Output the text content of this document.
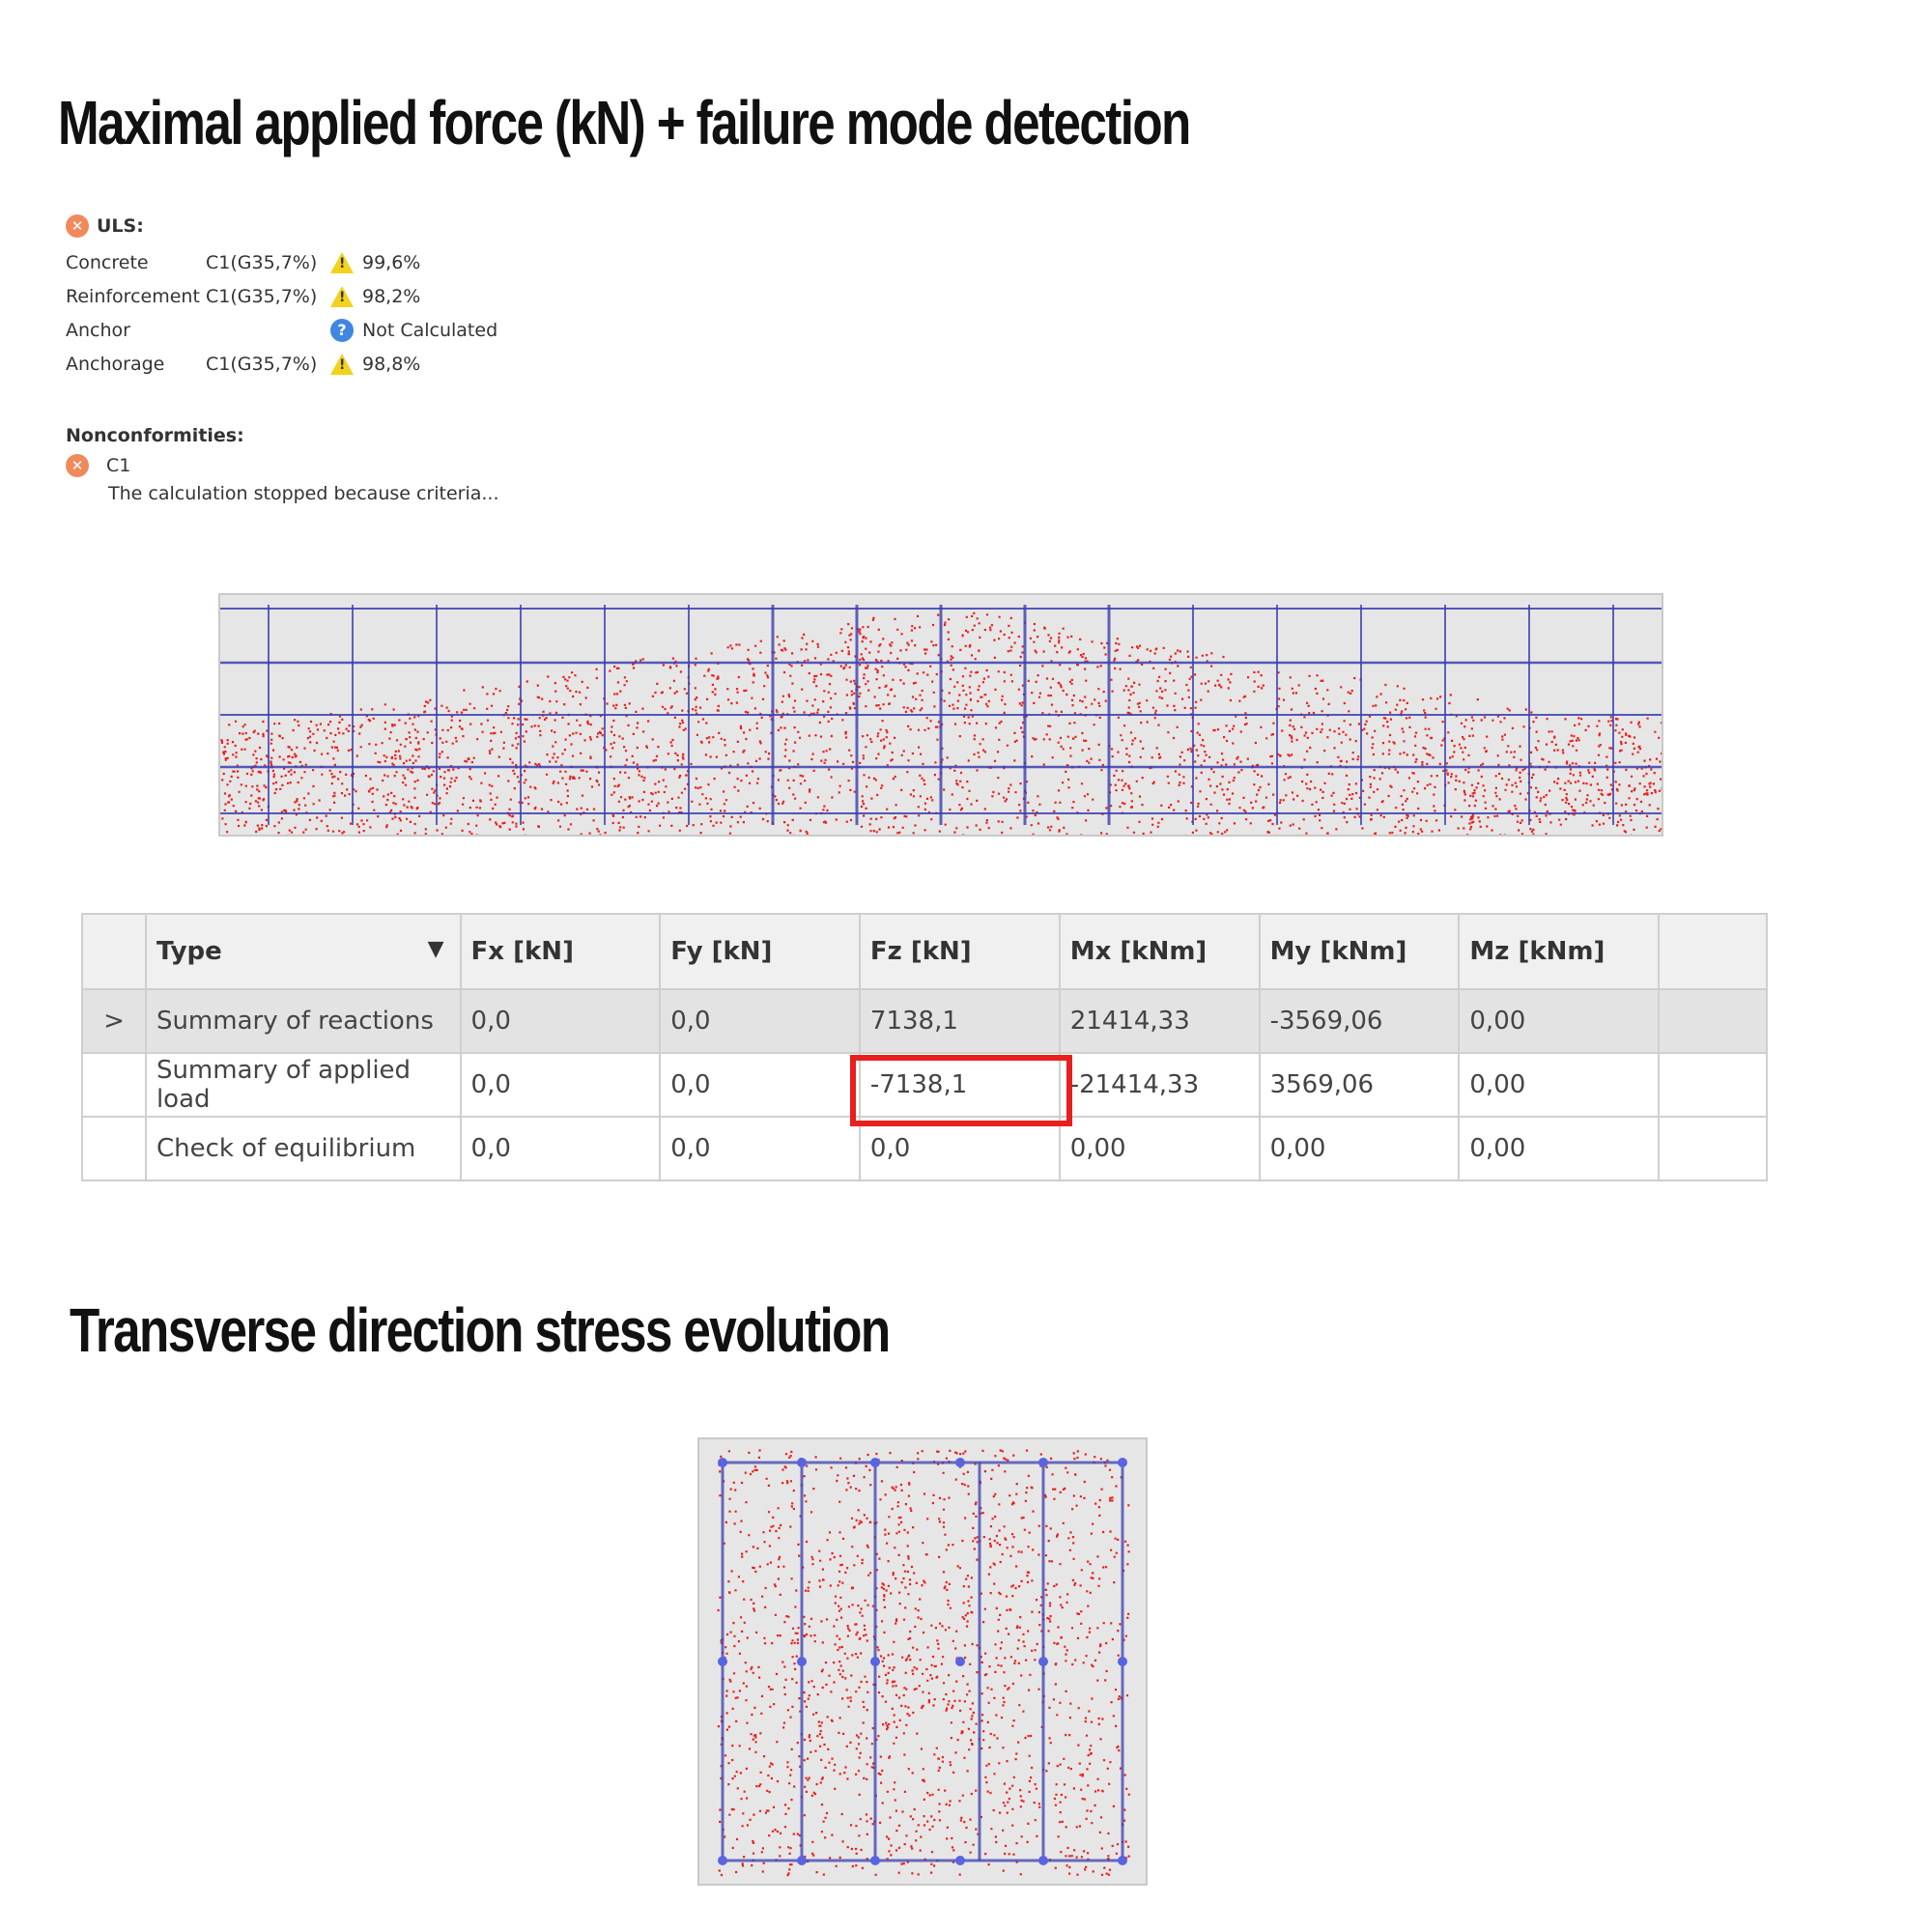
Maximal applied force (kN) + failure mode detection
✕ ULS:
Concrete	C1(G35,7%) ! 99,6%
Reinforcement C1(G35,7%) ! 98,2%
Anchor	? Not Calculated
Anchorage	C1(G35,7%) ! 98,8%
Nonconformities:
✕	C1
The calculation stopped because criteria...
	Type ▼	Fx [kN]	Fy [kN]	Fz [kN]	Mx [kNm]	My [kNm]	Mz [kNm]	
>	Summary of reactions	0,0	0,0	7138,1	21414,33	-3569,06	0,00	
	Summary of applied load	0,0	0,0	-7138,1	-21414,33	3569,06	0,00	
	Check of equilibrium	0,0	0,0	0,0	0,00	0,00	0,00	
Transverse direction stress evolution
